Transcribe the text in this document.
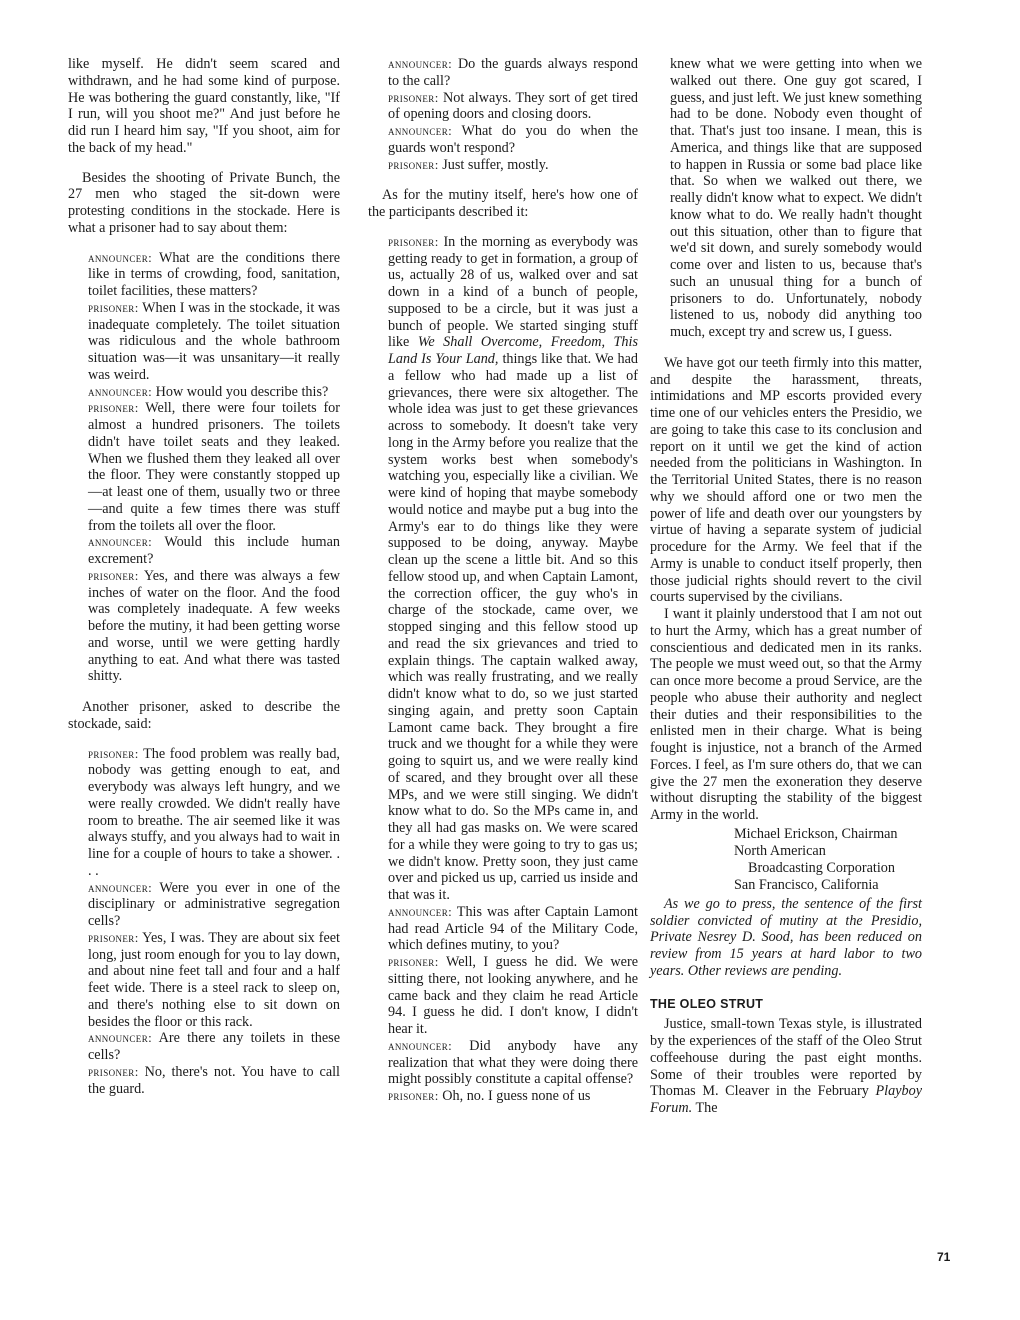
like myself. He didn't seem scared and withdrawn, and he had some kind of purpose. He was bothering the guard constantly, like, "If I run, will you shoot me?" And just before he did run I heard him say, "If you shoot, aim for the back of my head."

Besides the shooting of Private Bunch, the 27 men who staged the sit-down were protesting conditions in the stockade. Here is what a prisoner had to say about them:

announcer: What are the conditions there like in terms of crowding, food, sanitation, toilet facilities, these matters?

prisoner: When I was in the stockade, it was inadequate completely. The toilet situation was ridiculous and the whole bathroom situation was—it was unsanitary—it really was weird.

announcer: How would you describe this?

prisoner: Well, there were four toilets for almost a hundred prisoners. The toilets didn't have toilet seats and they leaked. When we flushed them they leaked all over the floor. They were constantly stopped up—at least one of them, usually two or three—and quite a few times there was stuff from the toilets all over the floor.

announcer: Would this include human excrement?

prisoner: Yes, and there was always a few inches of water on the floor. And the food was completely inadequate. A few weeks before the mutiny, it had been getting worse and worse, until we were getting hardly anything to eat. And what there was tasted shitty.

Another prisoner, asked to describe the stockade, said:

prisoner: The food problem was really bad, nobody was getting enough to eat, and everybody was always left hungry, and we were really crowded. We didn't really have room to breathe. The air seemed like it was always stuffy, and you always had to wait in line for a couple of hours to take a shower. . . .

announcer: Were you ever in one of the disciplinary or administrative segregation cells?

prisoner: Yes, I was. They are about six feet long, just room enough for you to lay down, and about nine feet tall and four and a half feet wide. There is a steel rack to sleep on, and there's nothing else to sit down on besides the floor or this rack.

announcer: Are there any toilets in these cells?

prisoner: No, there's not. You have to call the guard.

announcer: Do the guards always respond to the call?

prisoner: Not always. They sort of get tired of opening doors and closing doors.

announcer: What do you do when the guards won't respond?

prisoner: Just suffer, mostly.

As for the mutiny itself, here's how one of the participants described it:

prisoner: In the morning as everybody was getting ready to get in formation, a group of us, actually 28 of us, walked over and sat down in a kind of a bunch of people, supposed to be a circle, but it was just a bunch of people. We started singing stuff like We Shall Overcome, Freedom, This Land Is Your Land, things like that. We had a fellow who had made up a list of grievances, there were six altogether. The whole idea was just to get these grievances across to somebody. It doesn't take very long in the Army before you realize that the system works best when somebody's watching you, especially like a civilian. We were kind of hoping that maybe somebody would notice and maybe put a bug into the Army's ear to do things like they were supposed to be doing, anyway. Maybe clean up the scene a little bit. And so this fellow stood up, and when Captain Lamont, the correction officer, the guy who's in charge of the stockade, came over, we stopped singing and this fellow stood up and read the six grievances and tried to explain things. The captain walked away, which was really frustrating, and we really didn't know what to do, so we just started singing again, and pretty soon Captain Lamont came back. They brought a fire truck and we thought for a while they were going to squirt us, and we were really kind of scared, and they brought over all these MPs, and we were still singing. We didn't know what to do. So the MPs came in, and they all had gas masks on. We were scared for a while they were going to try to gas us; we didn't know. Pretty soon, they just came over and picked us up, carried us inside and that was it.

announcer: This was after Captain Lamont had read Article 94 of the Military Code, which defines mutiny, to you?

prisoner: Well, I guess he did. We were sitting there, not looking anywhere, and he came back and they claim he read Article 94. I guess he did. I don't know, I didn't hear it.

announcer: Did anybody have any realization that what they were doing there might possibly constitute a capital offense?

prisoner: Oh, no. I guess none of us

knew what we were getting into when we walked out there. One guy got scared, I guess, and just left. We just knew something had to be done. Nobody even thought of that. That's just too insane. I mean, this is America, and things like that are supposed to happen in Russia or some bad place like that. So when we walked out there, we really didn't know what to expect. We didn't know what to do. We really hadn't thought out this situation, other than to figure that we'd sit down, and surely somebody would come over and listen to us, because that's such an unusual thing for a bunch of prisoners to do. Unfortunately, nobody listened to us, nobody did anything too much, except try and screw us, I guess.

We have got our teeth firmly into this matter, and despite the harassment, threats, intimidations and MP escorts provided every time one of our vehicles enters the Presidio, we are going to take this case to its conclusion and report on it until we get the kind of action needed from the politicians in Washington. In the Territorial United States, there is no reason why we should afford one or two men the power of life and death over our youngsters by virtue of having a separate system of judicial procedure for the Army. We feel that if the Army is unable to conduct itself properly, then those judicial rights should revert to the civil courts supervised by the civilians.

I want it plainly understood that I am not out to hurt the Army, which has a great number of conscientious and dedicated men in its ranks. The people we must weed out, so that the Army can once more become a proud Service, are the people who abuse their authority and neglect their duties and their responsibilities to the enlisted men in their charge. What is being fought is injustice, not a branch of the Armed Forces. I feel, as I'm sure others do, that we can give the 27 men the exoneration they deserve without disrupting the stability of the biggest Army in the world.

Michael Erickson, Chairman
North American
Broadcasting Corporation
San Francisco, California

As we go to press, the sentence of the first soldier convicted of mutiny at the Presidio, Private Nesrey D. Sood, has been reduced on review from 15 years at hard labor to two years. Other reviews are pending.

THE OLEO STRUT

Justice, small-town Texas style, is illustrated by the experiences of the staff of the Oleo Strut coffeehouse during the past eight months. Some of their troubles were reported by Thomas M. Cleaver in the February Playboy Forum. The

71
